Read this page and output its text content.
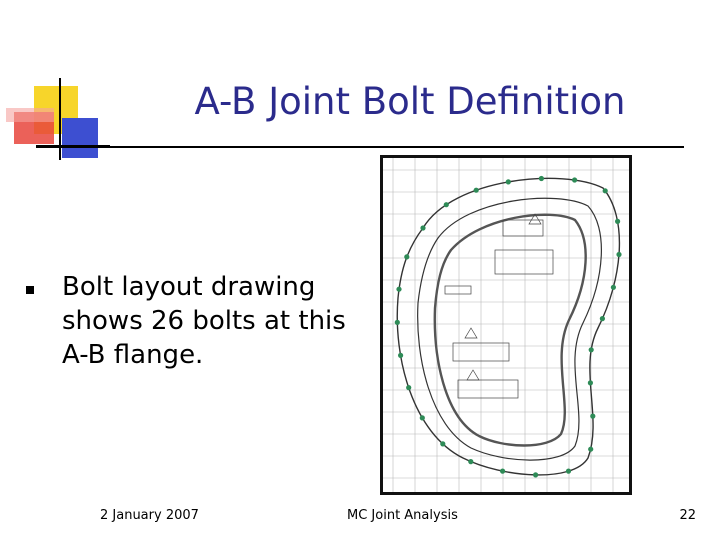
A-B Joint Bolt Definition
Bolt layout drawing shows 26 bolts at this A-B flange.
2 January 2007	MC Joint Analysis	22
